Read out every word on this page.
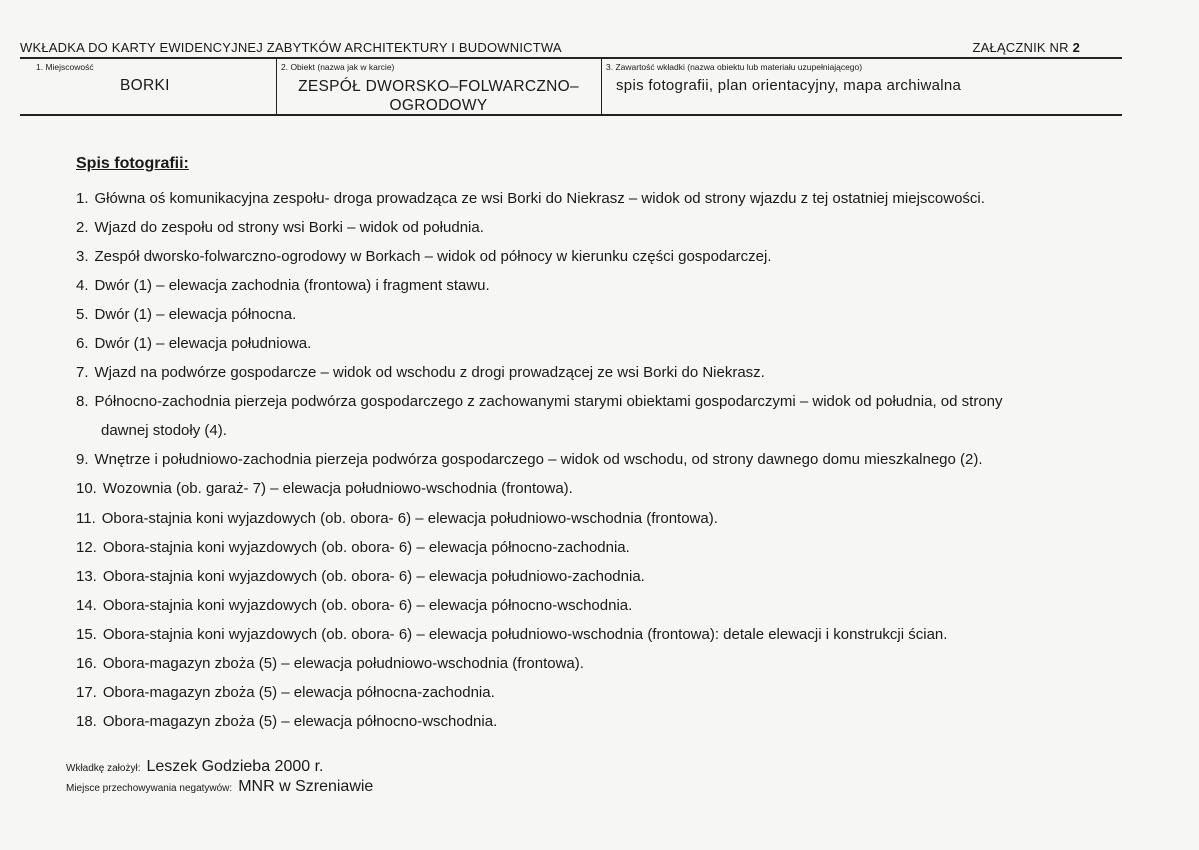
WKŁADKA DO KARTY EWIDENCYJNEJ ZABYTKÓW ARCHITEKTURY I BUDOWNICTWA	ZAŁĄCZNIK NR 2
1. Miejscowość
BORKI
2. Obiekt (nazwa jak w karcie)
ZESPÓŁ DWORSKO–FOLWARCZNO–
OGRODOWY
3. Zawartość wkładki (nazwa obiektu lub materiału uzupełniającego)
spis fotografii, plan orientacyjny, mapa archiwalna
Spis fotografii:
1. Główna oś komunikacyjna zespołu- droga prowadząca ze wsi Borki do Niekrasz – widok od strony wjazdu z tej ostatniej miejscowości.
2. Wjazd do zespołu od strony wsi Borki – widok od południa.
3. Zespół dworsko-folwarczno-ogrodowy w Borkach – widok od północy w kierunku części gospodarczej.
4. Dwór (1) – elewacja zachodnia (frontowa) i fragment stawu.
5. Dwór (1) – elewacja północna.
6. Dwór (1) – elewacja południowa.
7. Wjazd na podwórze gospodarcze – widok od wschodu z drogi prowadzącej ze wsi Borki do Niekrasz.
8. Północno-zachodnia pierzeja podwórza gospodarczego z zachowanymi starymi obiektami gospodarczymi – widok od południa, od strony
dawnej stodoły (4).
9. Wnętrze i południowo-zachodnia pierzeja podwórza gospodarczego – widok od wschodu, od strony dawnego domu mieszkalnego (2).
10. Wozownia (ob. garaż- 7) – elewacja południowo-wschodnia (frontowa).
11. Obora-stajnia koni wyjazdowych (ob. obora- 6) – elewacja południowo-wschodnia (frontowa).
12. Obora-stajnia koni wyjazdowych (ob. obora- 6) – elewacja północno-zachodnia.
13. Obora-stajnia koni wyjazdowych (ob. obora- 6) – elewacja południowo-zachodnia.
14. Obora-stajnia koni wyjazdowych (ob. obora- 6) – elewacja północno-wschodnia.
15. Obora-stajnia koni wyjazdowych (ob. obora- 6) – elewacja południowo-wschodnia (frontowa): detale elewacji i konstrukcji ścian.
16. Obora-magazyn zboża (5) – elewacja południowo-wschodnia (frontowa).
17. Obora-magazyn zboża (5) – elewacja północna-zachodnia.
18. Obora-magazyn zboża (5) – elewacja północno-wschodnia.
Wkładkę założył: Leszek Godzieba 2000 r.
Miejsce przechowywania negatywów: MNR w Szreniawie
